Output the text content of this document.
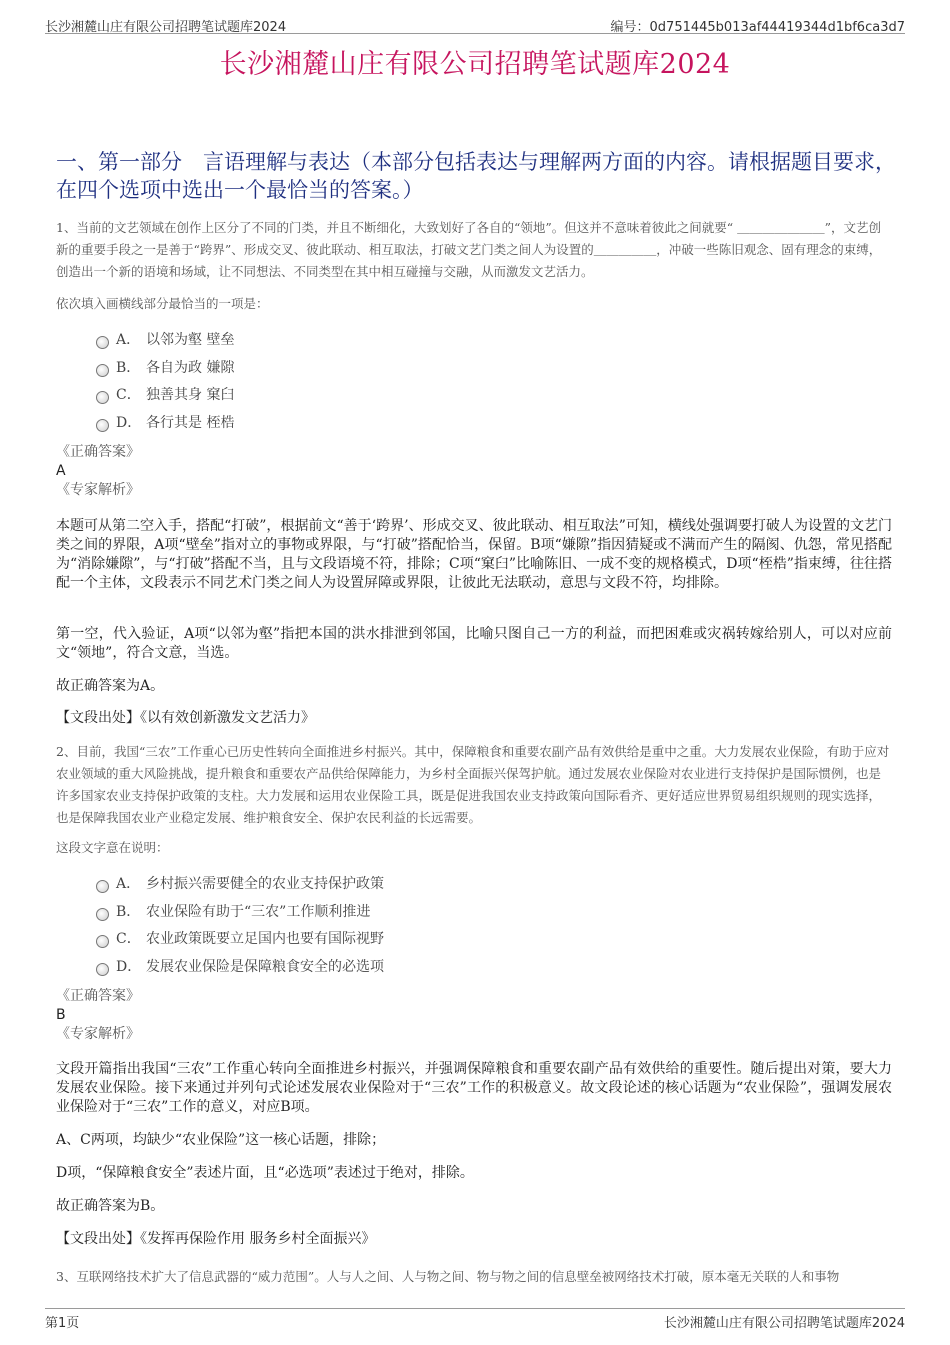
长沙湘麓山庄有限公司招聘笔试题库2024	编号：0d751445b013af44419344d1bf6ca3d7
长沙湘麓山庄有限公司招聘笔试题库2024
一、第一部分　言语理解与表达（本部分包括表达与理解两方面的内容。请根据题目要求，在四个选项中选出一个最恰当的答案。）

1、当前的文艺领域在创作上区分了不同的门类，并且不断细化，大致划好了各自的“领地”。但这并不意味着彼此之间就要“ ＿＿＿＿＿＿＿”，文艺创新的重要手段之一是善于“跨界”、形成交叉、彼此联动、相互取法，打破文艺门类之间人为设置的＿＿＿＿＿，冲破一些陈旧观念、固有理念的束缚，创造出一个新的语境和场域，让不同想法、不同类型在其中相互碰撞与交融，从而激发文艺活力。

依次填入画横线部分最恰当的一项是：

A． 以邻为壑 壁垒
B． 各自为政 嫌隙
C． 独善其身 窠臼
D． 各行其是 桎梏

《正确答案》

A

《专家解析》

本题可从第二空入手，搭配“打破”，根据前文“善于‘跨界’、形成交叉、彼此联动、相互取法”可知，横线处强调要打破人为设置的文艺门类之间的界限，A项“壁垒”指对立的事物或界限，与“打破”搭配恰当，保留。B项“嫌隙”指因猜疑或不满而产生的隔阂、仇怨，常见搭配为“消除嫌隙”，与“打破”搭配不当，且与文段语境不符，排除；C项“窠臼”比喻陈旧、一成不变的规格模式，D项“桎梏”指束缚，往往搭配一个主体，文段表示不同艺术门类之间人为设置屏障或界限，让彼此无法联动，意思与文段不符，均排除。

第一空，代入验证，A项“以邻为壑”指把本国的洪水排泄到邻国，比喻只图自己一方的利益，而把困难或灾祸转嫁给别人，可以对应前文“领地”，符合文意，当选。

故正确答案为A。

【文段出处】《以有效创新激发文艺活力》

2、目前，我国“三农”工作重心已历史性转向全面推进乡村振兴。其中，保障粮食和重要农副产品有效供给是重中之重。大力发展农业保险，有助于应对农业领域的重大风险挑战，提升粮食和重要农产品供给保障能力，为乡村全面振兴保驾护航。通过发展农业保险对农业进行支持保护是国际惯例，也是许多国家农业支持保护政策的支柱。大力发展和运用农业保险工具，既是促进我国农业支持政策向国际看齐、更好适应世界贸易组织规则的现实选择，也是保障我国农业产业稳定发展、维护粮食安全、保护农民利益的长远需要。

这段文字意在说明：

A． 乡村振兴需要健全的农业支持保护政策
B． 农业保险有助于“三农”工作顺利推进
C． 农业政策既要立足国内也要有国际视野
D． 发展农业保险是保障粮食安全的必选项

《正确答案》

B

《专家解析》

文段开篇指出我国“三农”工作重心转向全面推进乡村振兴，并强调保障粮食和重要农副产品有效供给的重要性。随后提出对策，要大力发展农业保险。接下来通过并列句式论述发展农业保险对于“三农”工作的积极意义。故文段论述的核心话题为“农业保险”，强调发展农业保险对于“三农”工作的意义，对应B项。

A、C两项，均缺少“农业保险”这一核心话题，排除；

D项，“保障粮食安全”表述片面，且“必选项”表述过于绝对，排除。

故正确答案为B。

【文段出处】《发挥再保险作用 服务乡村全面振兴》

3、互联网络技术扩大了信息武器的“威力范围”。人与人之间、人与物之间、物与物之间的信息壁垒被网络技术打破，原本毫无关联的人和事物

第1页	长沙湘麓山庄有限公司招聘笔试题库2024
